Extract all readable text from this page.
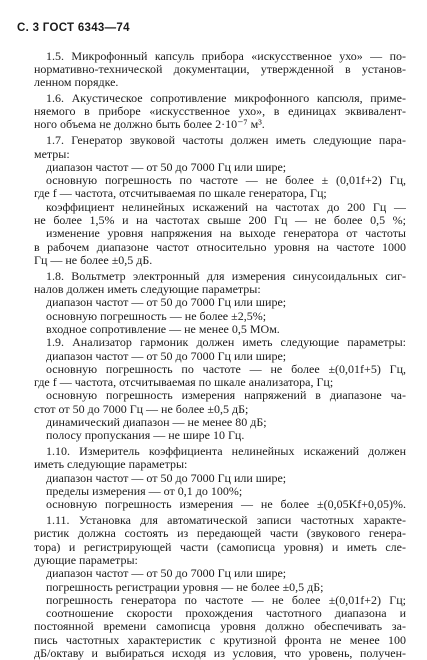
С. 3 ГОСТ 6343—74
1.5. Микрофонный капсуль прибора «искусственное ухо» — по-
нормативно-технической документации, утвержденной в установ-
ленном порядке.
1.6. Акустическое сопротивление микрофонного капсюля, приме-
няемого в приборе «искусственное ухо», в единицах эквивалент-
ного объема не должно быть более 2·10⁻⁷ м³.
1.7. Генератор звуковой частоты должен иметь следующие пара-
метры:
диапазон частот — от 50 до 7000 Гц или шире;
основную погрешность по частоте — не более ± (0,01f+2) Гц,
где f — частота, отсчитываемая по шкале генератора, Гц;
коэффициент нелинейных искажений на частотах до 200 Гц —
не более 1,5% и на частотах свыше 200 Гц — не более 0,5 %;
изменение уровня напряжения на выходе генератора от частоты
в рабочем диапазоне частот относительно уровня на частоте 1000
Гц — не более ±0,5 дБ.
1.8. Вольтметр электронный для измерения синусоидальных сиг-
налов должен иметь следующие параметры:
диапазон частот — от 50 до 7000 Гц или шире;
основную погрешность — не более ±2,5%;
входное сопротивление — не менее 0,5 МОм.
1.9. Анализатор гармоник должен иметь следующие параметры:
диапазон частот — от 50 до 7000 Гц или шире;
основную погрешность по частоте — не более ±(0,01f+5) Гц,
где f — частота, отсчитываемая по шкале анализатора, Гц;
основную погрешность измерения напряжений в диапазоне ча-
стот от 50 до 7000 Гц — не более ±0,5 дБ;
динамический диапазон — не менее 80 дБ;
полосу пропускания — не шире 10 Гц.
1.10. Измеритель коэффициента нелинейных искажений должен
иметь следующие параметры:
диапазон частот — от 50 до 7000 Гц или шире;
пределы измерения — от 0,1 до 100%;
основную погрешность измерения — не более ±(0,05Kf+0,05)%.
1.11. Установка для автоматической записи частотных характе-
ристик должна состоять из передающей части (звукового генера-
тора) и регистрирующей части (самописца уровня) и иметь сле-
дующие параметры:
диапазон частот — от 50 до 7000 Гц или шире;
погрешность регистрации уровня — не более ±0,5 дБ;
погрешность генератора по частоте — не более ±(0,01f+2) Гц;
соотношение скорости прохождения частотного диапазона и
постоянной времени самописца уровня должно обеспечивать за-
пись частотных характеристик с крутизной фронта не менее 100
дБ/октаву и выбираться исходя из условия, что уровень, получен-
